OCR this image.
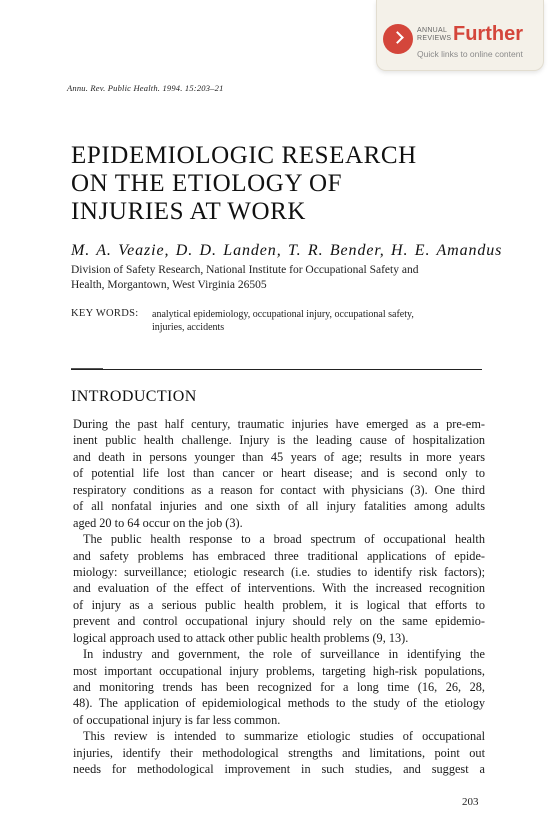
ANNUAL
REVIEWS Further
Quick links to online content
Annu. Rev. Public Health. 1994. 15:203–21
EPIDEMIOLOGIC RESEARCH
ON THE ETIOLOGY OF
INJURIES AT WORK
M. A. Veazie, D. D. Landen, T. R. Bender, H. E. Amandus
Division of Safety Research, National Institute for Occupational Safety and
Health, Morgantown, West Virginia 26505
KEY WORDS: analytical epidemiology, occupational injury, occupational safety,
injuries, accidents
INTRODUCTION
During the past half century, traumatic injuries have emerged as a pre-em-
inent public health challenge. Injury is the leading cause of hospitalization
and death in persons younger than 45 years of age; results in more years
of potential life lost than cancer or heart disease; and is second only to
respiratory conditions as a reason for contact with physicians (3). One third
of all nonfatal injuries and one sixth of all injury fatalities among adults
aged 20 to 64 occur on the job (3).
The public health response to a broad spectrum of occupational health
and safety problems has embraced three traditional applications of epide-
miology: surveillance; etiologic research (i.e. studies to identify risk factors);
and evaluation of the effect of interventions. With the increased recognition
of injury as a serious public health problem, it is logical that efforts to
prevent and control occupational injury should rely on the same epidemio-
logical approach used to attack other public health problems (9, 13).
In industry and government, the role of surveillance in identifying the
most important occupational injury problems, targeting high-risk populations,
and monitoring trends has been recognized for a long time (16, 26, 28,
48). The application of epidemiological methods to the study of the etiology
of occupational injury is far less common.
This review is intended to summarize etiologic studies of occupational
injuries, identify their methodological strengths and limitations, point out
needs for methodological improvement in such studies, and suggest a
203
